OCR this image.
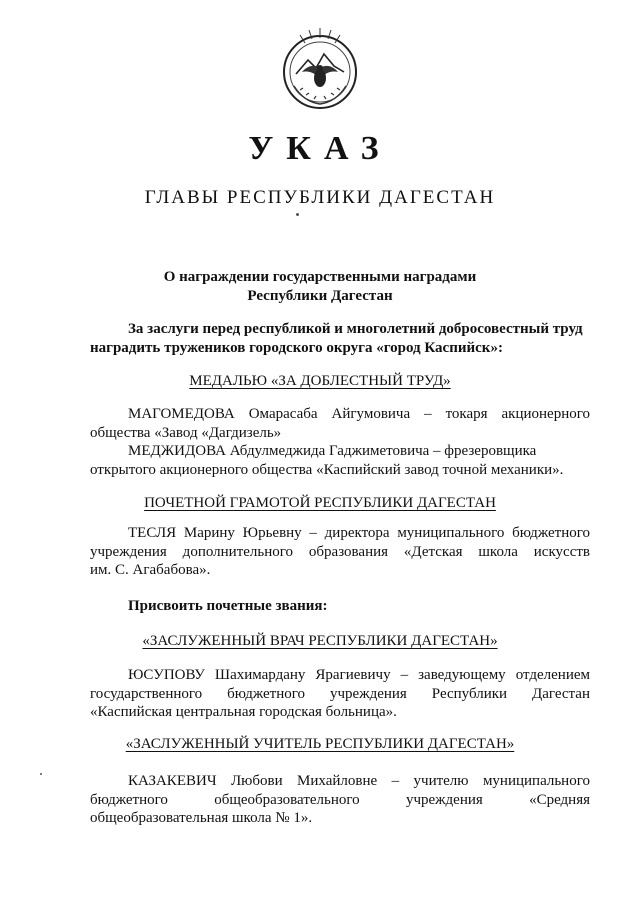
УКАЗ
ГЛАВЫ РЕСПУБЛИКИ ДАГЕСТАН
О награждении государственными наградами
Республики Дагестан
За заслуги перед республикой и многолетний добросовестный труд
наградить тружеников городского округа «город Каспийск»:
МЕДАЛЬЮ «ЗА ДОБЛЕСТНЫЙ ТРУД»
МАГОМЕДОВА Омарасаба Айгумовича – токаря акционерного
общества «Завод «Дагдизель»
МЕДЖИДОВА Абдулмеджида Гаджиметовича – фрезеровщика
открытого акционерного общества «Каспийский завод точной механики».
ПОЧЕТНОЙ ГРАМОТОЙ РЕСПУБЛИКИ ДАГЕСТАН
ТЕСЛЯ Марину Юрьевну – директора муниципального бюджетного
учреждения дополнительного образования «Детская школа искусств
им. С. Агабабова».
Присвоить почетные звания:
«ЗАСЛУЖЕННЫЙ ВРАЧ РЕСПУБЛИКИ ДАГЕСТАН»
ЮСУПОВУ Шахимардану Ярагиевичу – заведующему отделением
государственного бюджетного учреждения Республики Дагестан
«Каспийская центральная городская больница».
«ЗАСЛУЖЕННЫЙ УЧИТЕЛЬ РЕСПУБЛИКИ ДАГЕСТАН»
КАЗАКЕВИЧ Любови Михайловне – учителю муниципального
бюджетного общеобразовательного учреждения «Средняя
общеобразовательная школа № 1».
